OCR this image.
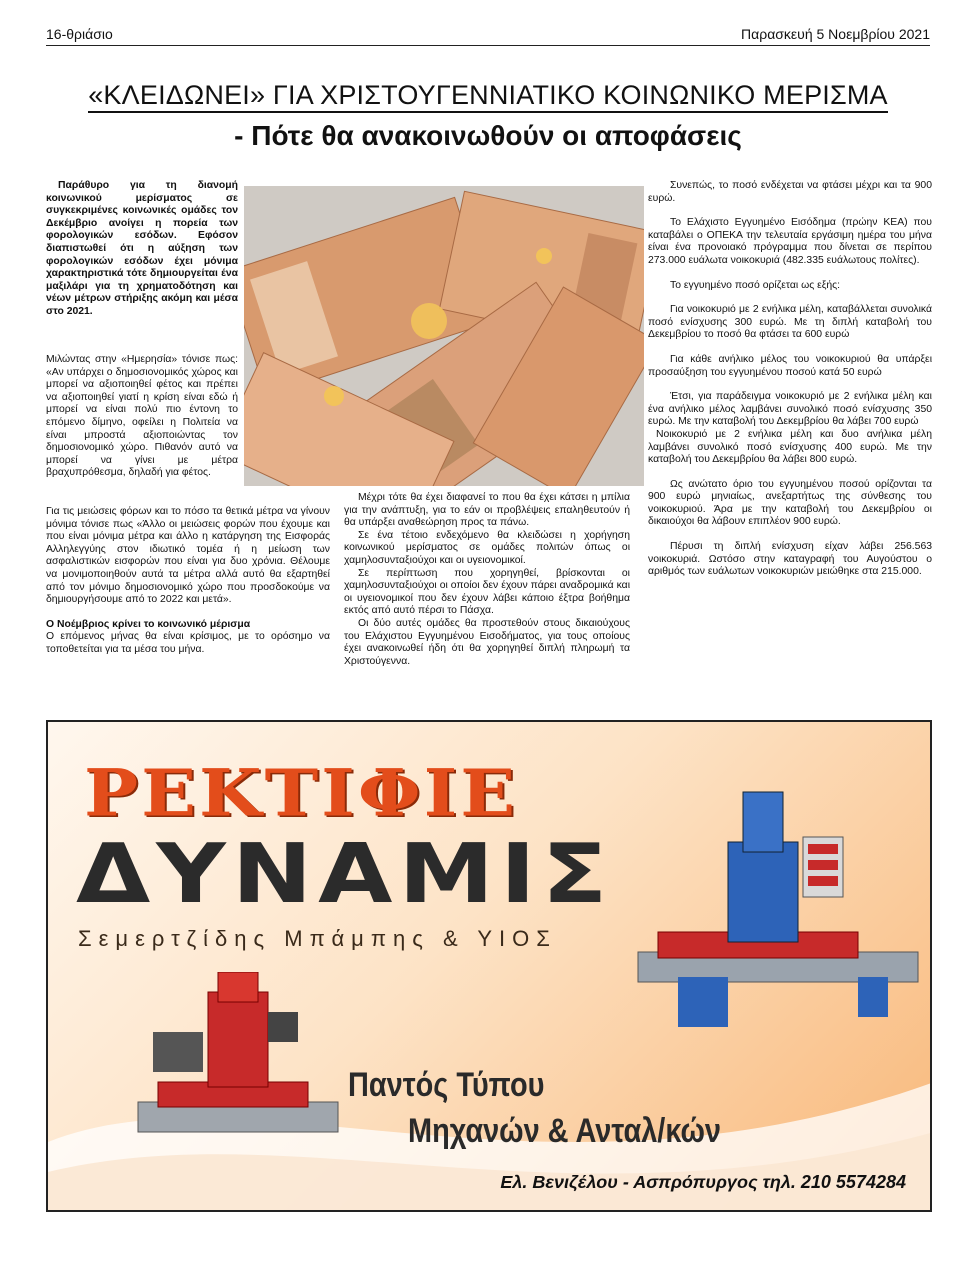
16-θριάσιο	Παρασκευή 5 Νοεμβρίου 2021
«ΚΛΕΙΔΩΝΕΙ» ΓΙΑ ΧΡΙΣΤΟΥΓΕΝΝΙΑΤΙΚΟ ΚΟΙΝΩΝΙΚΟ ΜΕΡΙΣΜΑ
- Πότε θα ανακοινωθούν οι αποφάσεις
Παράθυρο για τη διανομή κοινωνικού μερίσματος σε συγκεκριμένες κοινωνικές ομάδες τον Δεκέμβριο ανοίγει η πορεία των φορολογικών εσόδων. Εφόσον διαπιστωθεί ότι η αύξηση των φορολογικών εσόδων έχει μόνιμα χαρακτηριστικά τότε δημιουργείται ένα μαξιλάρι για τη χρηματοδότηση και νέων μέτρων στήριξης ακόμη και μέσα στο 2021.

Μιλώντας στην «Ημερησία» τόνισε πως: «Αν υπάρχει ο δημοσιονομικός χώρος και μπορεί να αξιοποιηθεί φέτος και πρέπει να αξιοποιηθεί γιατί η κρίση είναι εδώ ή μπορεί να είναι πολύ πιο έντονη το επόμενο δίμηνο, οφείλει η Πολιτεία να είναι μπροστά αξιοποιώντας τον δημοσιονομικό χώρο. Πιθανόν αυτό να μπορεί να γίνει με μέτρα βραχυπρόθεσμα, δηλαδή για φέτος.

Για τις μειώσεις φόρων και το πόσο τα θετικά μέτρα να γίνουν μόνιμα τόνισε πως «Άλλο οι μειώσεις φορών που έχουμε και που είναι μόνιμα μέτρα και άλλο η κατάργηση της Εισφοράς Αλληλεγγύης στον ιδιωτικό τομέα ή η μείωση των ασφαλιστικών εισφορών που είναι για δυο χρόνια. Θέλουμε να μονιμοποιηθούν αυτά τα μέτρα αλλά αυτό θα εξαρτηθεί από τον μόνιμο δημοσιονομικό χώρο που προσδοκούμε να δημιουργήσουμε από το 2022 και μετά».

Ο Νοέμβριος κρίνει το κοινωνικό μέρισμα

Ο επόμενος μήνας θα είναι κρίσιμος, με το ορόσημο να τοποθετείται για τα μέσα του μήνα.

Μέχρι τότε θα έχει διαφανεί το που θα έχει κάτσει η μπίλια για την ανάπτυξη, για το εάν οι προβλέψεις επαληθευτούν ή θα υπάρξει αναθεώρηση προς τα πάνω.

Σε ένα τέτοιο ενδεχόμενο θα κλειδώσει η χορήγηση κοινωνικού μερίσματος σε ομάδες πολιτών όπως οι χαμηλοσυνταξιούχοι και οι υγειονομικοί.

Σε περίπτωση που χορηγηθεί, βρίσκονται οι χαμηλοσυνταξιούχοι οι οποίοι δεν έχουν πάρει αναδρομικά και οι υγειονομικοί που δεν έχουν λάβει κάποιο έξτρα βοήθημα εκτός από αυτό πέρσι το Πάσχα.

Οι δύο αυτές ομάδες θα προστεθούν στους δικαιούχους του Ελάχιστου Εγγυημένου Εισοδήματος, για τους οποίους έχει ανακοινωθεί ήδη ότι θα χορηγηθεί διπλή πληρωμή τα Χριστούγεννα.

Συνεπώς, το ποσό ενδέχεται να φτάσει μέχρι και τα 900 ευρώ.

Το Ελάχιστο Εγγυημένο Εισόδημα (πρώην ΚΕΑ) που καταβάλει ο ΟΠΕΚΑ την τελευταία εργάσιμη ημέρα του μήνα είναι ένα προνοιακό πρόγραμμα που δίνεται σε περίπου 273.000 ευάλωτα νοικοκυριά (482.335 ευάλωτους πολίτες).

Το εγγυημένο ποσό ορίζεται ως εξής:

Για νοικοκυριό με 2 ενήλικα μέλη, καταβάλλεται συνολικά ποσό ενίσχυσης 300 ευρώ. Με τη διπλή καταβολή του Δεκεμβρίου το ποσό θα φτάσει τα 600 ευρώ

Για κάθε ανήλικο μέλος του νοικοκυριού θα υπάρξει προσαύξηση του εγγυημένου ποσού κατά 50 ευρώ

Έτσι, για παράδειγμα νοικοκυριό με 2 ενήλικα μέλη και ένα ανήλικο μέλος λαμβάνει συνολικό ποσό ενίσχυσης 350 ευρώ. Με την καταβολή του Δεκεμβρίου θα λάβει 700 ευρώ

Νοικοκυριό με 2 ενήλικα μέλη και δυο ανήλικα μέλη λαμβάνει συνολικό ποσό ενίσχυσης 400 ευρώ. Με την καταβολή του Δεκεμβρίου θα λάβει 800 ευρώ.

Ως ανώτατο όριο του εγγυημένου ποσού ορίζονται τα 900 ευρώ μηνιαίως, ανεξαρτήτως της σύνθεσης του νοικοκυριού. Άρα με την καταβολή του Δεκεμβρίου οι δικαιούχοι θα λάβουν επιπλέον 900 ευρώ.

Πέρυσι τη διπλή ενίσχυση είχαν λάβει 256.563 νοικοκυριά. Ωστόσο στην καταγραφή του Αυγούστου ο αριθμός των ευάλωτων νοικοκυριών μειώθηκε στα 215.000.

ΡΕΚΤΙΦΙΕ
ΔΥΝΑΜΙΣ
Σεμερτζίδης Μπάμπης & ΥΙΟΣ
Παντός Τύπου
Μηχανών & Ανταλ/κών
Ελ. Βενιζέλου - Ασπρόπυργος τηλ. 210 5574284
